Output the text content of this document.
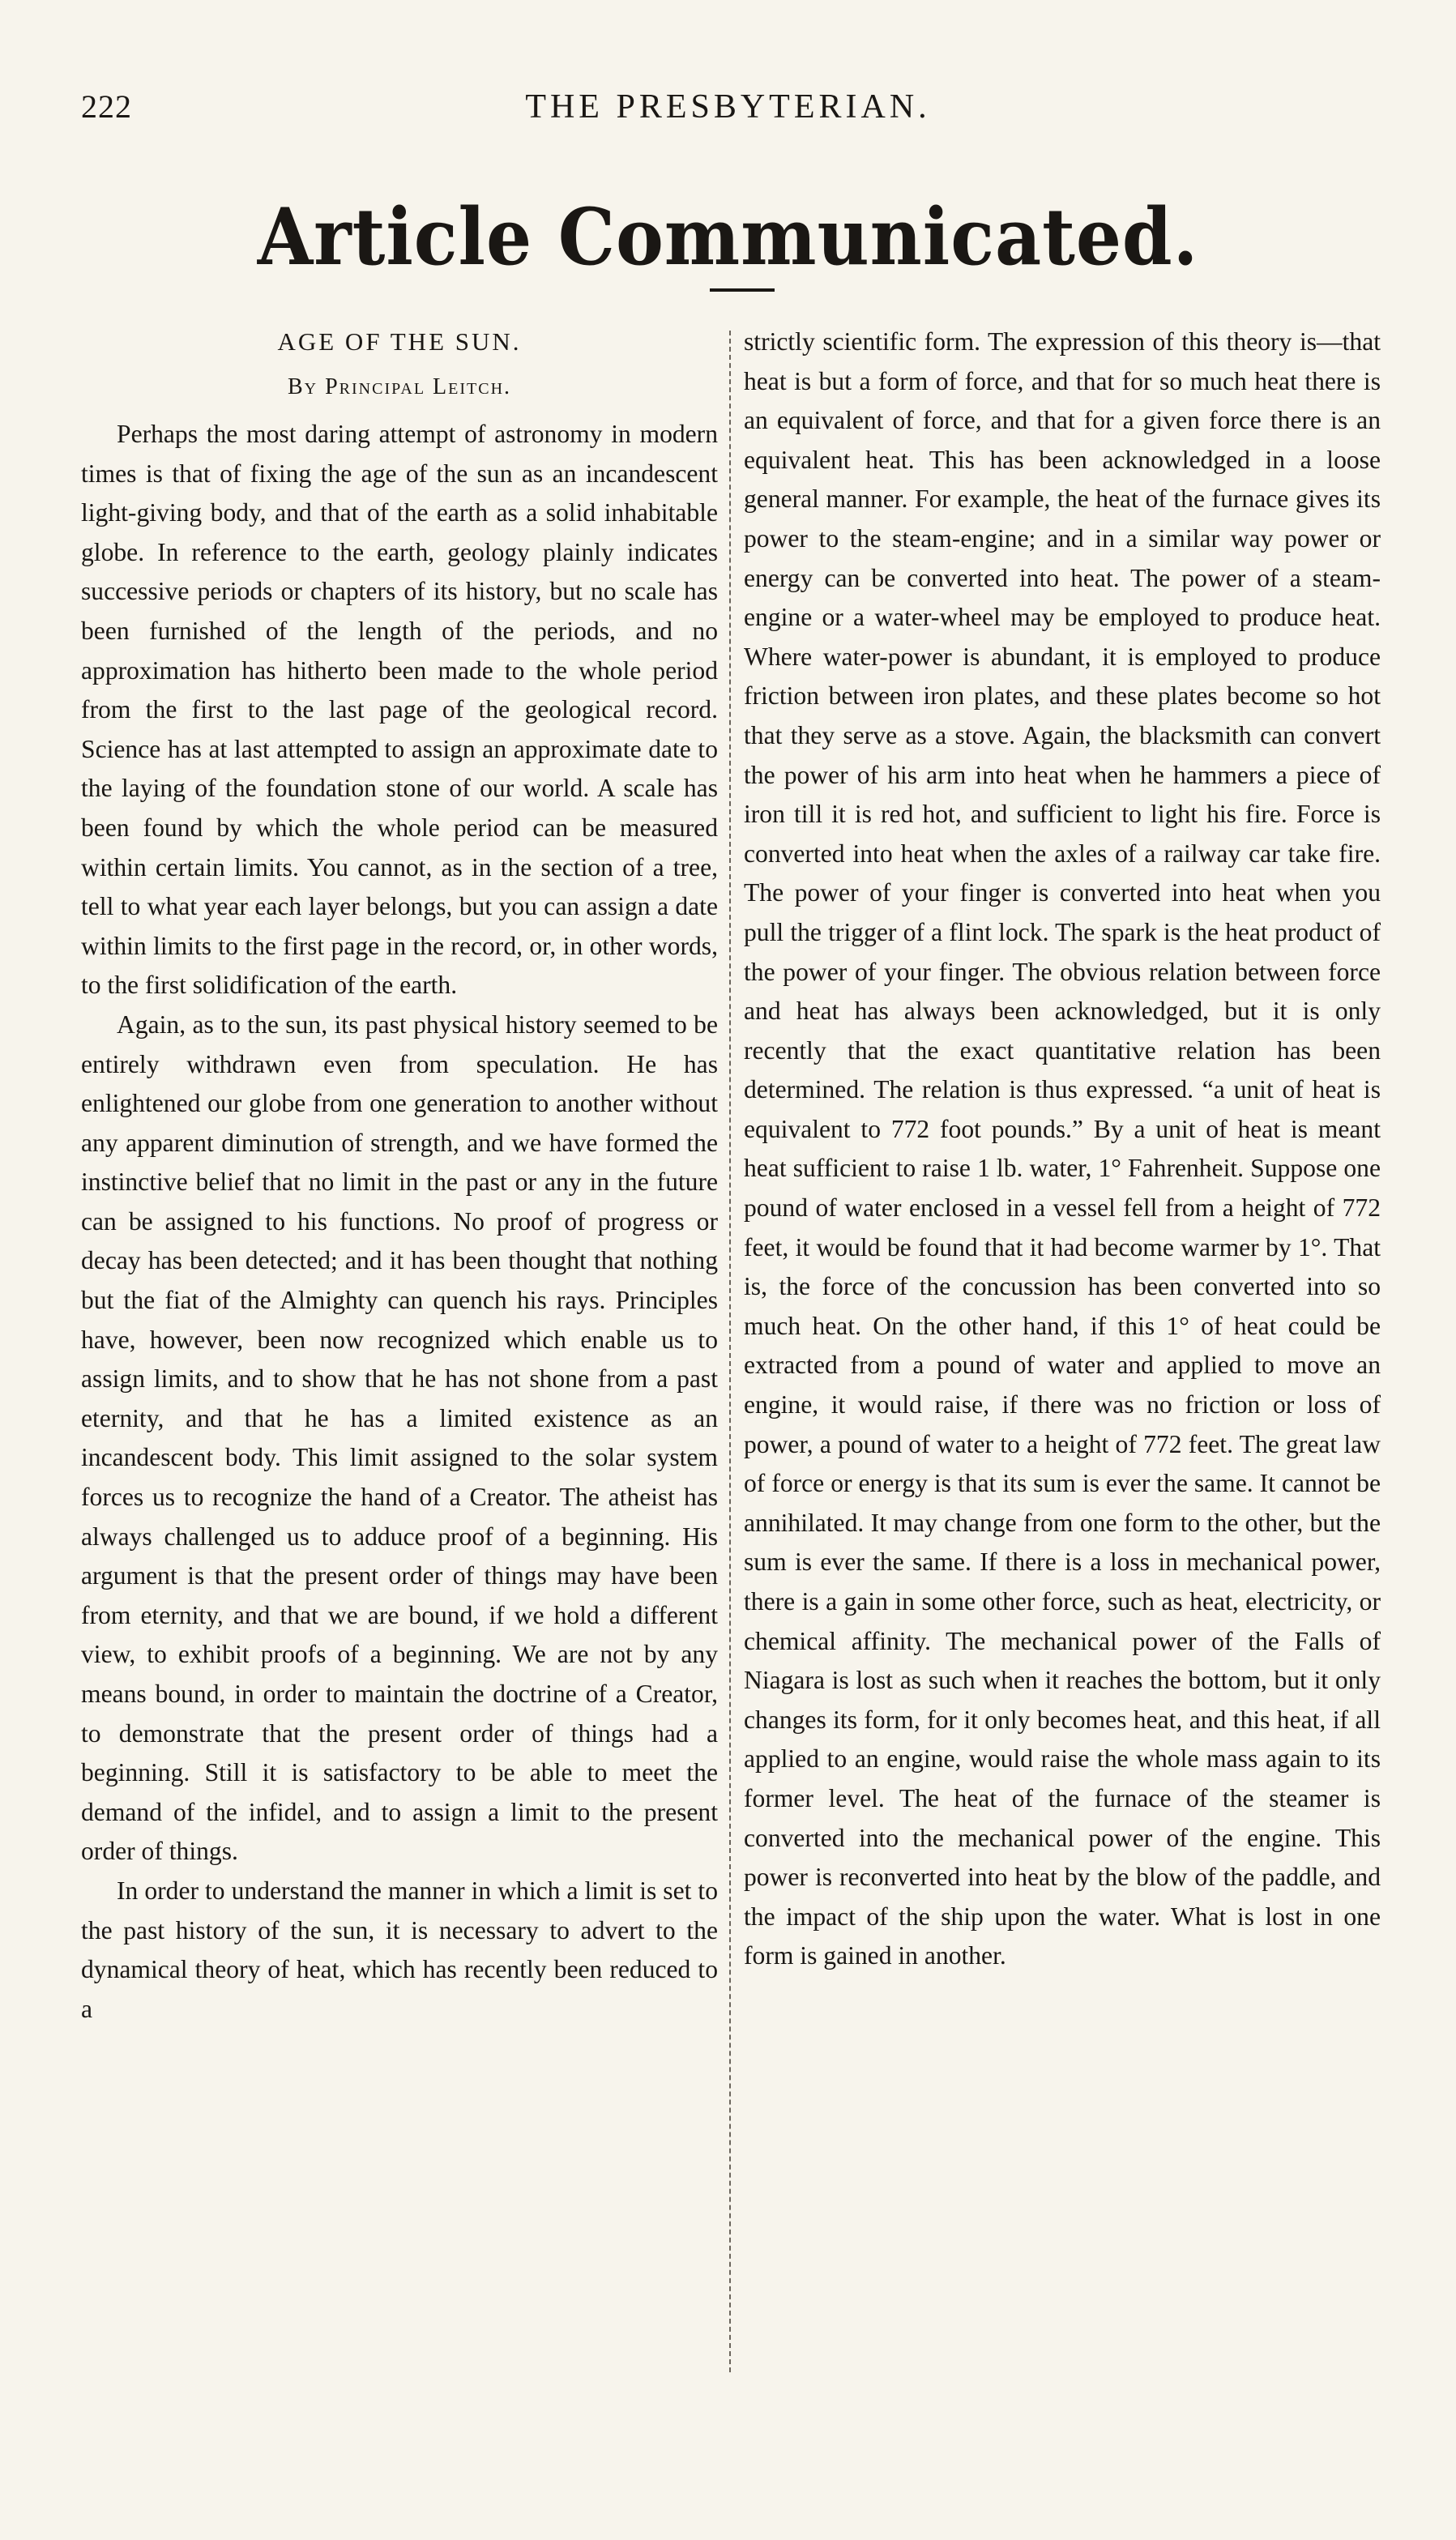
222	THE PRESBYTERIAN.
Article Communicated.

AGE OF THE SUN.

By Principal Leitch.

Perhaps the most daring attempt of astronomy in modern times is that of fixing the age of the sun as an incandescent light-giving body, and that of the earth as a solid inhabitable globe. In reference to the earth, geology plainly indicates successive periods or chapters of its history, but no scale has been furnished of the length of the periods, and no approximation has hitherto been made to the whole period from the first to the last page of the geological record. Science has at last attempted to assign an approximate date to the laying of the foundation stone of our world. A scale has been found by which the whole period can be measured within certain limits. You cannot, as in the section of a tree, tell to what year each layer belongs, but you can assign a date within limits to the first page in the record, or, in other words, to the first solidification of the earth.

Again, as to the sun, its past physical history seemed to be entirely withdrawn even from speculation. He has enlightened our globe from one generation to another without any apparent diminution of strength, and we have formed the instinctive belief that no limit in the past or any in the future can be assigned to his functions. No proof of progress or decay has been detected; and it has been thought that nothing but the fiat of the Almighty can quench his rays. Principles have, however, been now recognized which enable us to assign limits, and to show that he has not shone from a past eternity, and that he has a limited existence as an incandescent body. This limit assigned to the solar system forces us to recognize the hand of a Creator. The atheist has always challenged us to adduce proof of a beginning. His argument is that the present order of things may have been from eternity, and that we are bound, if we hold a different view, to exhibit proofs of a beginning. We are not by any means bound, in order to maintain the doctrine of a Creator, to demonstrate that the present order of things had a beginning. Still it is satisfactory to be able to meet the demand of the infidel, and to assign a limit to the present order of things.

In order to understand the manner in which a limit is set to the past history of the sun, it is necessary to advert to the dynamical theory of heat, which has recently been reduced to a

strictly scientific form. The expression of this theory is—that heat is but a form of force, and that for so much heat there is an equivalent of force, and that for a given force there is an equivalent heat. This has been acknowledged in a loose general manner. For example, the heat of the furnace gives its power to the steam-engine; and in a similar way power or energy can be converted into heat. The power of a steam-engine or a water-wheel may be employed to produce heat. Where water-power is abundant, it is employed to produce friction between iron plates, and these plates become so hot that they serve as a stove. Again, the blacksmith can convert the power of his arm into heat when he hammers a piece of iron till it is red hot, and sufficient to light his fire. Force is converted into heat when the axles of a railway car take fire. The power of your finger is converted into heat when you pull the trigger of a flint lock. The spark is the heat product of the power of your finger. The obvious relation between force and heat has always been acknowledged, but it is only recently that the exact quantitative relation has been determined. The relation is thus expressed. “a unit of heat is equivalent to 772 foot pounds.” By a unit of heat is meant heat sufficient to raise 1 lb. water, 1° Fahrenheit. Suppose one pound of water enclosed in a vessel fell from a height of 772 feet, it would be found that it had become warmer by 1°. That is, the force of the concussion has been converted into so much heat. On the other hand, if this 1° of heat could be extracted from a pound of water and applied to move an engine, it would raise, if there was no friction or loss of power, a pound of water to a height of 772 feet. The great law of force or energy is that its sum is ever the same. It cannot be annihilated. It may change from one form to the other, but the sum is ever the same. If there is a loss in mechanical power, there is a gain in some other force, such as heat, electricity, or chemical affinity. The mechanical power of the Falls of Niagara is lost as such when it reaches the bottom, but it only changes its form, for it only becomes heat, and this heat, if all applied to an engine, would raise the whole mass again to its former level. The heat of the furnace of the steamer is converted into the mechanical power of the engine. This power is reconverted into heat by the blow of the paddle, and the impact of the ship upon the water. What is lost in one form is gained in another.
